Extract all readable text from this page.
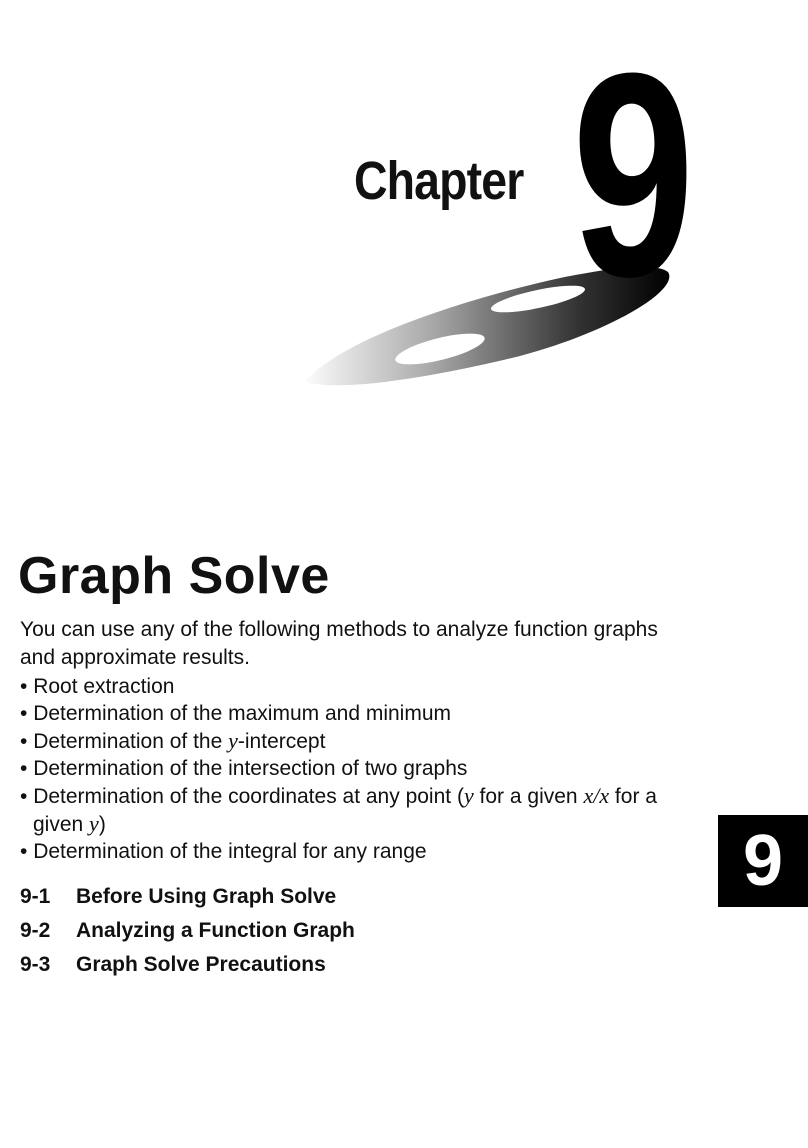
Chapter 9
Graph Solve

You can use any of the following methods to analyze function graphs and approximate results.

• Root extraction
• Determination of the maximum and minimum
• Determination of the y-intercept
• Determination of the intersection of two graphs
• Determination of the coordinates at any point (y for a given x/x for a given y)
• Determination of the integral for any range
9-1	Before Using Graph Solve
9-2	Analyzing a Function Graph
9-3	Graph Solve Precautions
9
